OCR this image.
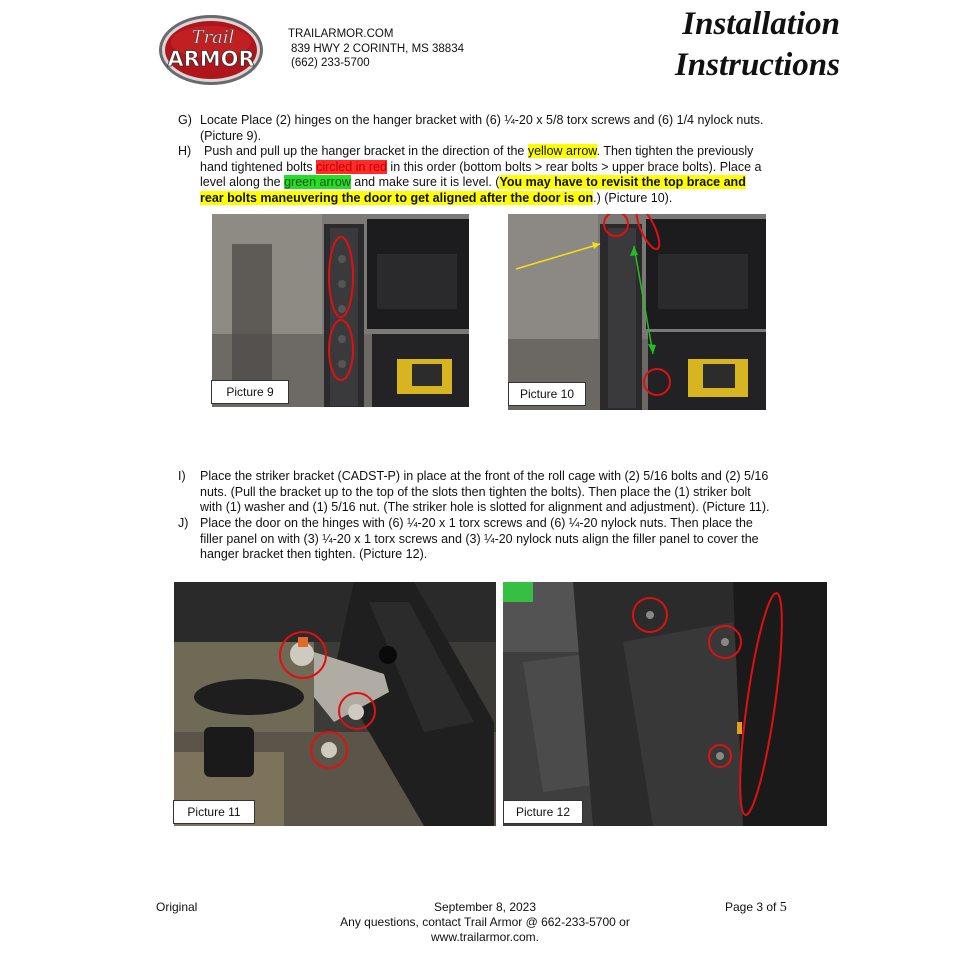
Trail
ARMOR
TRAILARMOR.COM
839 HWY 2 CORINTH, MS 38834
(662) 233-5700
Installation
Instructions
G) Locate Place (2) hinges on the hanger bracket with (6) ¼-20 x 5/8 torx screws and (6) 1/4 nylock nuts.
(Picture 9).
H)	Push and pull up the hanger bracket in the direction of the yellow arrow. Then tighten the previously
hand tightened bolts circled in red in this order (bottom bolts > rear bolts > upper brace bolts). Place a
level along the green arrow and make sure it is level. (You may have to revisit the top brace and
rear bolts maneuvering the door to get aligned after the door is on.) (Picture 10).
Picture 9	Picture 10
I) Place the striker bracket (CADST-P) in place at the front of the roll cage with (2) 5/16 bolts and (2) 5/16
nuts. (Pull the bracket up to the top of the slots then tighten the bolts). Then place the (1) striker bolt
with (1) washer and (1) 5/16 nut. (The striker hole is slotted for alignment and adjustment). (Picture 11).
J) Place the door on the hinges with (6) ¼-20 x 1 torx screws and (6) ¼-20 nylock nuts. Then place the
filler panel on with (3) ¼-20 x 1 torx screws and (3) ¼-20 nylock nuts align the filler panel to cover the
hanger bracket then tighten. (Picture 12).
Picture 11	Picture 12
Original	September 8, 2023
Any questions, contact Trail Armor @ 662-233-5700 or
www.trailarmor.com.
Page 3 of 5
